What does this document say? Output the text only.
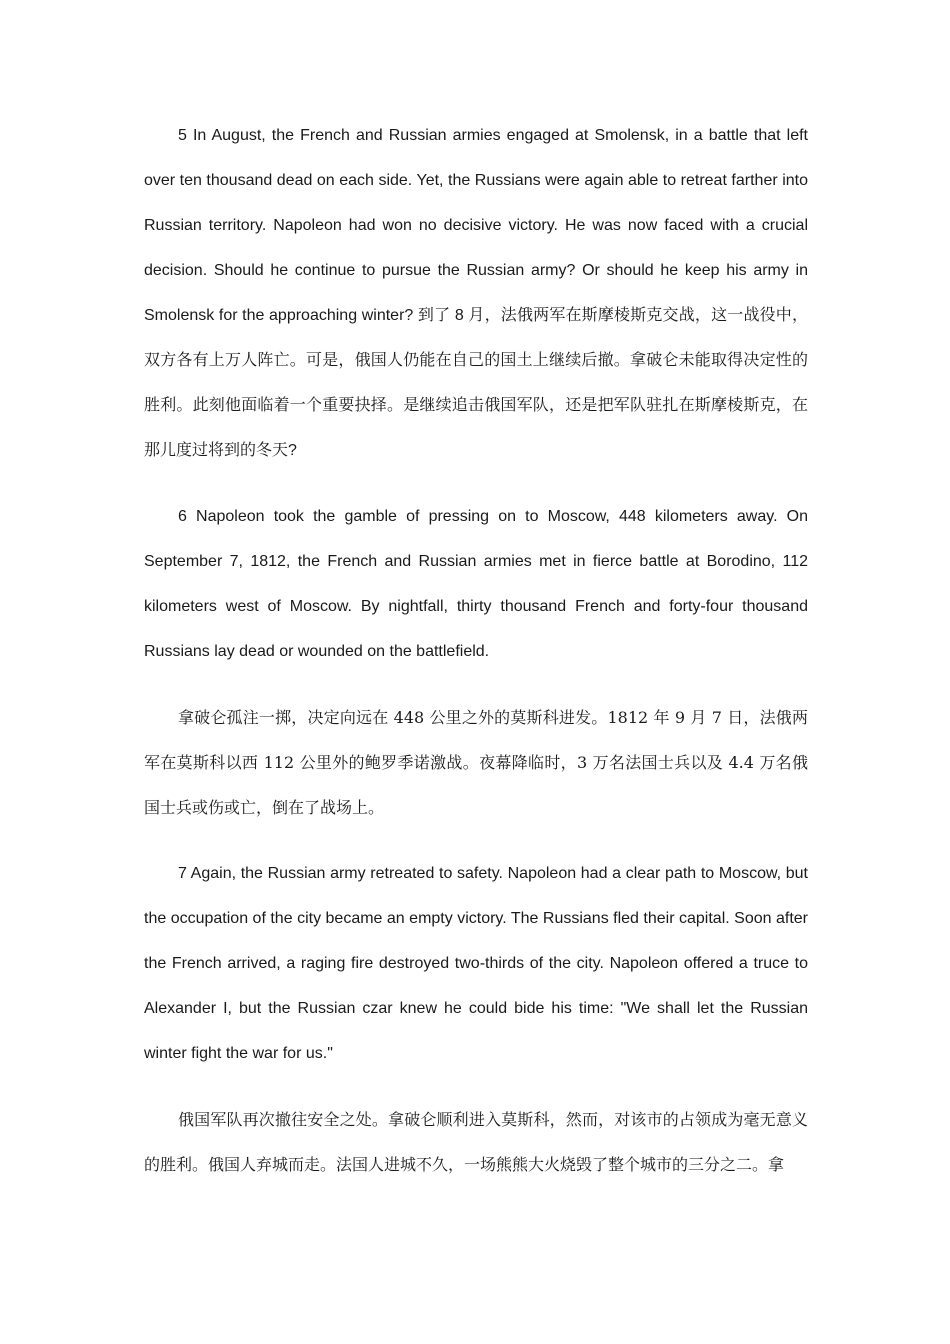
5 In August, the French and Russian armies engaged at Smolensk, in a battle that left over ten thousand dead on each side. Yet, the Russians were again able to retreat farther into Russian territory. Napoleon had won no decisive victory. He was now faced with a crucial decision. Should he continue to pursue the Russian army? Or should he keep his army in Smolensk for the approaching winter? 到了 8 月，法俄两军在斯摩棱斯克交战，这一战役中，双方各有上万人阵亡。可是，俄国人仍能在自己的国土上继续后撤。拿破仑未能取得决定性的胜利。此刻他面临着一个重要抉择。是继续追击俄国军队，还是把军队驻扎在斯摩棱斯克，在那儿度过将到的冬天?

6 Napoleon took the gamble of pressing on to Moscow, 448 kilometers away. On September 7, 1812, the French and Russian armies met in fierce battle at Borodino, 112 kilometers west of Moscow. By nightfall, thirty thousand French and forty-four thousand Russians lay dead or wounded on the battlefield.

拿破仑孤注一掷，决定向远在 448 公里之外的莫斯科进发。1812 年 9 月 7 日，法俄两军在莫斯科以西 112 公里外的鲍罗季诺激战。夜幕降临时，3 万名法国士兵以及 4.4 万名俄国士兵或伤或亡，倒在了战场上。

7 Again, the Russian army retreated to safety. Napoleon had a clear path to Moscow, but the occupation of the city became an empty victory. The Russians fled their capital. Soon after the French arrived, a raging fire destroyed two-thirds of the city. Napoleon offered a truce to Alexander I, but the Russian czar knew he could bide his time: "We shall let the Russian winter fight the war for us."

俄国军队再次撤往安全之处。拿破仑顺利进入莫斯科，然而，对该市的占领成为毫无意义的胜利。俄国人弃城而走。法国人进城不久，一场熊熊大火烧毁了整个城市的三分之二。拿
